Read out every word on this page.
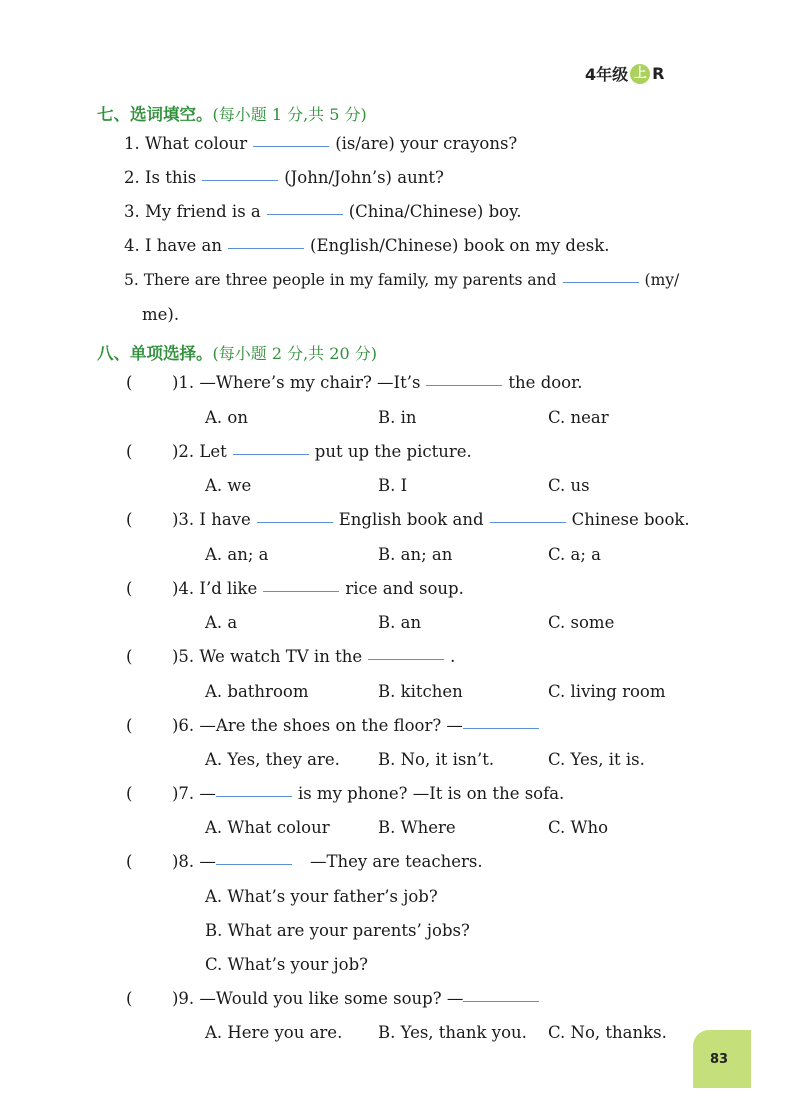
4年级 上 R
七、选词填空。(每小题 1 分,共 5 分)
1. What colour	(is/are) your crayons?
2. Is this	(John/John’s) aunt?
3. My friend is a	(China/Chinese) boy.
4. I have an	(English/Chinese) book on my desk.
5. There are three people in my family, my parents and	(my/
me).
八、单项选择。(每小题 2 分,共 20 分)
( )1. —Where’s my chair? —It’s	the door.
A. on	B. in	C. near
( )2. Let	put up the picture.
A. we	B. I	C. us
( )3. I have	English book and	Chinese book.
A. an; a	B. an; an	C. a; a
( )4. I’d like	rice and soup.
A. a	B. an	C. some
( )5. We watch TV in the	.
A. bathroom	B. kitchen	C. living room
( )6. —Are the shoes on the floor? —
A. Yes, they are. B. No, it isn’t.	C. Yes, it is.
( )7. —	is my phone? —It is on the sofa.
A. What colour	B. Where	C. Who
( )8. —	—They are teachers.
A. What’s your father’s job?
B. What are your parents’ jobs?
C. What’s your job?
( )9. —Would you like some soup? —
A. Here you are. B. Yes, thank you. C. No, thanks.
83
